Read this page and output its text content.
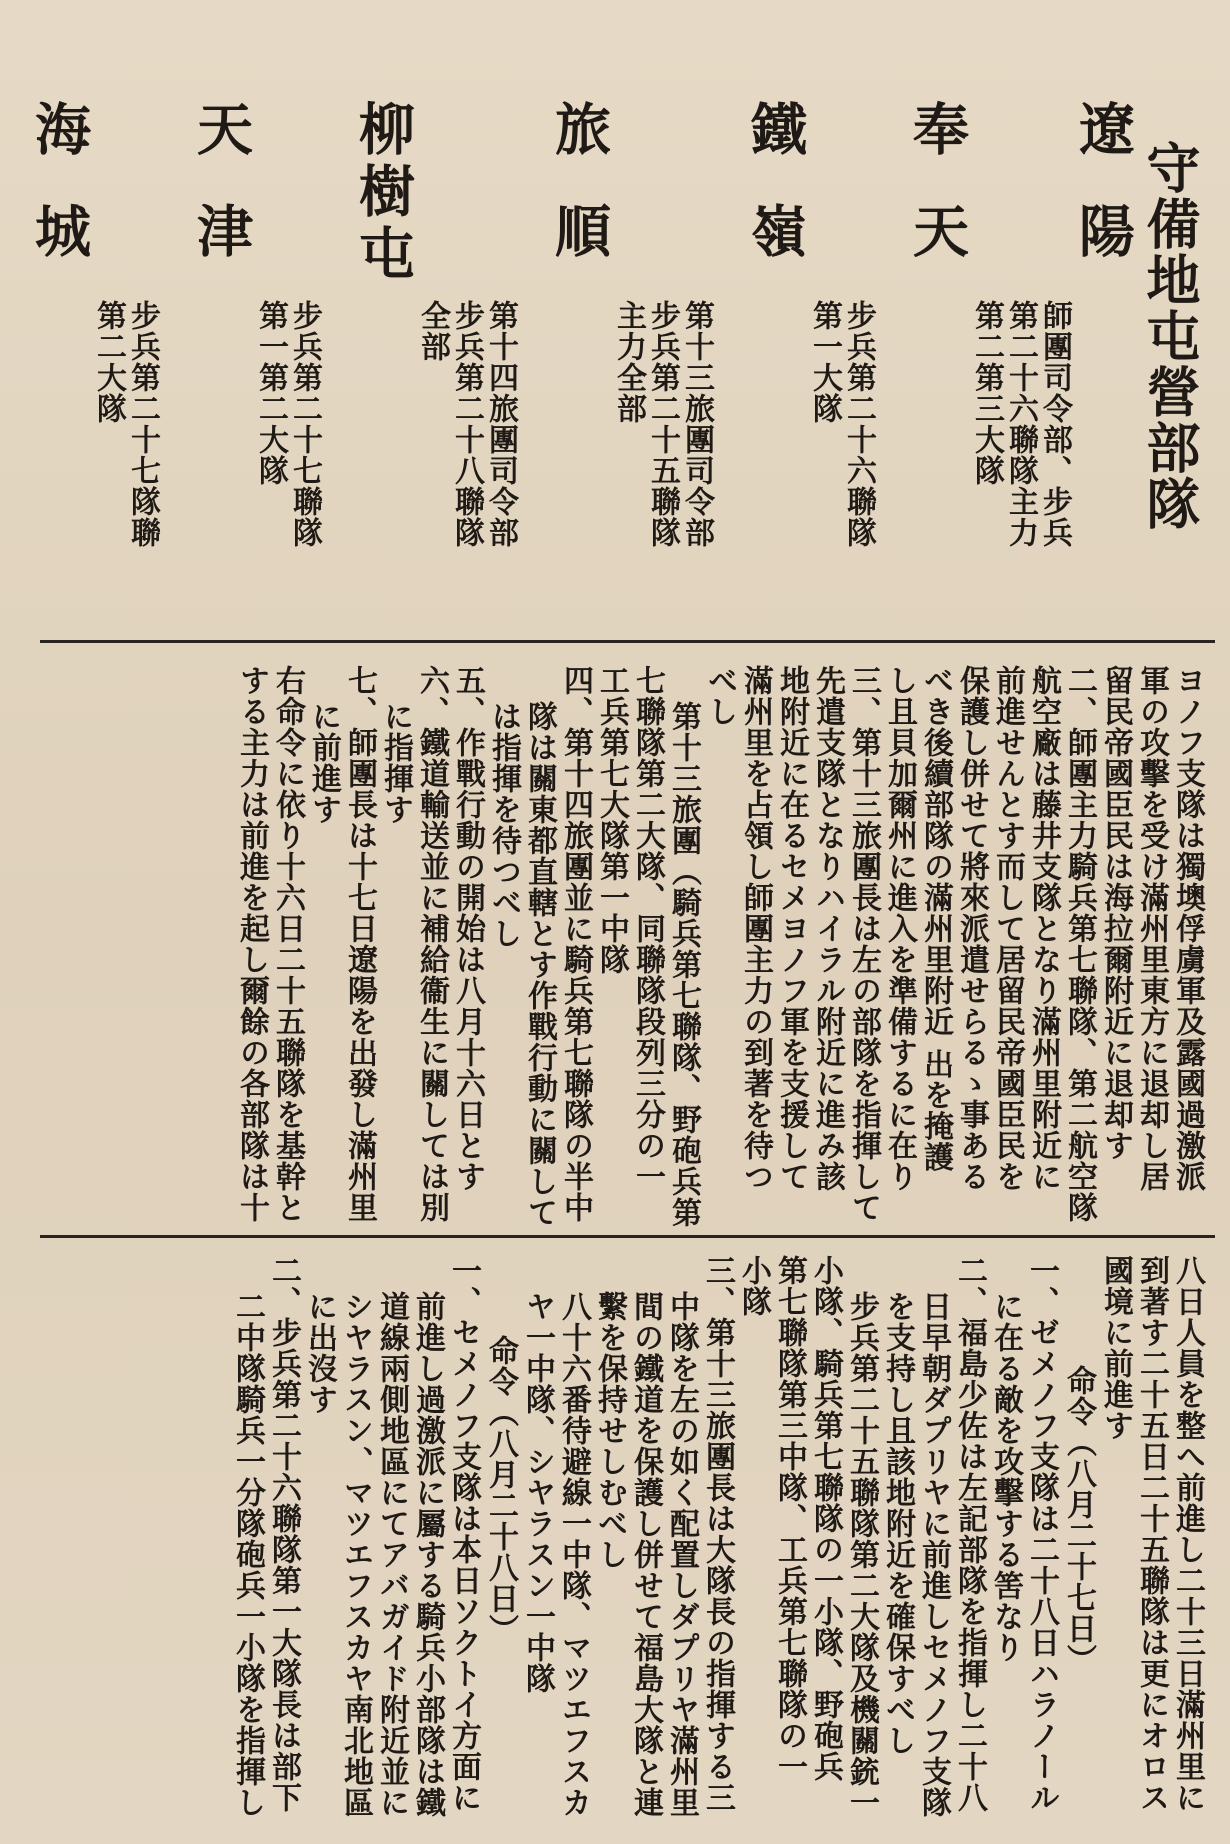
守備地屯營部隊
遼陽
師團司令部、步兵
第二十六聯隊主力
第二第三大隊
奉天
步兵第二十六聯隊
第一大隊
鐵嶺
第十三旅團司令部
步兵第二十五聯隊
主力全部
旅順
第十四旅團司令部
步兵第二十八聯隊
全部
柳樹屯
步兵第二十七聯隊
第一第二大隊
天津
步兵第二十七隊聯
第二大隊
海城
ヨノフ支隊は獨墺俘虜軍及露國過激派
軍の攻擊を受け滿州里東方に退却し居
留民帝國臣民は海拉爾附近に退却す
二、師團主力騎兵第七聯隊、第二航空隊
航空廠は藤井支隊となり滿州里附近に
前進せんとす而して居留民帝國臣民を
保護し併せて將來派遣せらるゝ事ある
べき後續部隊の滿州里附近 出を掩護
し且貝加爾州に進入を準備するに在り
三、第十三旅團長は左の部隊を指揮して
先遣支隊となりハイラル附近に進み該
地附近に在るセメヨノフ軍を支援して
滿州里を占領し師團主力の到著を待つ
べし
第十三旅團（騎兵第七聯隊、野砲兵第
七聯隊第二大隊、同聯隊段列三分の一
工兵第七大隊第一中隊
四、第十四旅團並に騎兵第七聯隊の半中
隊は關東都直轄とす作戰行動に關して
は指揮を待つべし
五、作戰行動の開始は八月十六日とす
六、鐵道輸送並に補給衞生に關しては別
に指揮す
七、師團長は十七日遼陽を出發し滿州里
に前進す
右命令に依り十六日二十五聯隊を基幹と
する主力は前進を起し爾餘の各部隊は十
八日人員を整へ前進し二十三日滿州里に
到著す二十五日二十五聯隊は更にオロス
國境に前進す
命令（八月二十七日）
一、ゼメノフ支隊は二十八日ハラノール
に在る敵を攻擊する筈なり
二、福島少佐は左記部隊を指揮し二十八
日早朝ダプリヤに前進しセメノフ支隊
を支持し且該地附近を確保すべし
步兵第二十五聯隊第二大隊及機關銃一
小隊、騎兵第七聯隊の一小隊、野砲兵
第七聯隊第三中隊、工兵第七聯隊の一
小隊
三、第十三旅團長は大隊長の指揮する三
中隊を左の如く配置しダプリヤ滿州里
間の鐵道を保護し併せて福島大隊と連
繫を保持せしむべし
八十六番待避線一中隊、マツエフスカ
ヤ一中隊、シヤラスン一中隊
命令（八月二十八日）
一、セメノフ支隊は本日ソクトイ方面に
前進し過激派に屬する騎兵小部隊は鐵
道線兩側地區にてアバガイド附近並に
シヤラスン、マツエフスカヤ南北地區
に出沒す
二、步兵第二十六聯隊第一大隊長は部下
二中隊騎兵一分隊砲兵一小隊を指揮し
